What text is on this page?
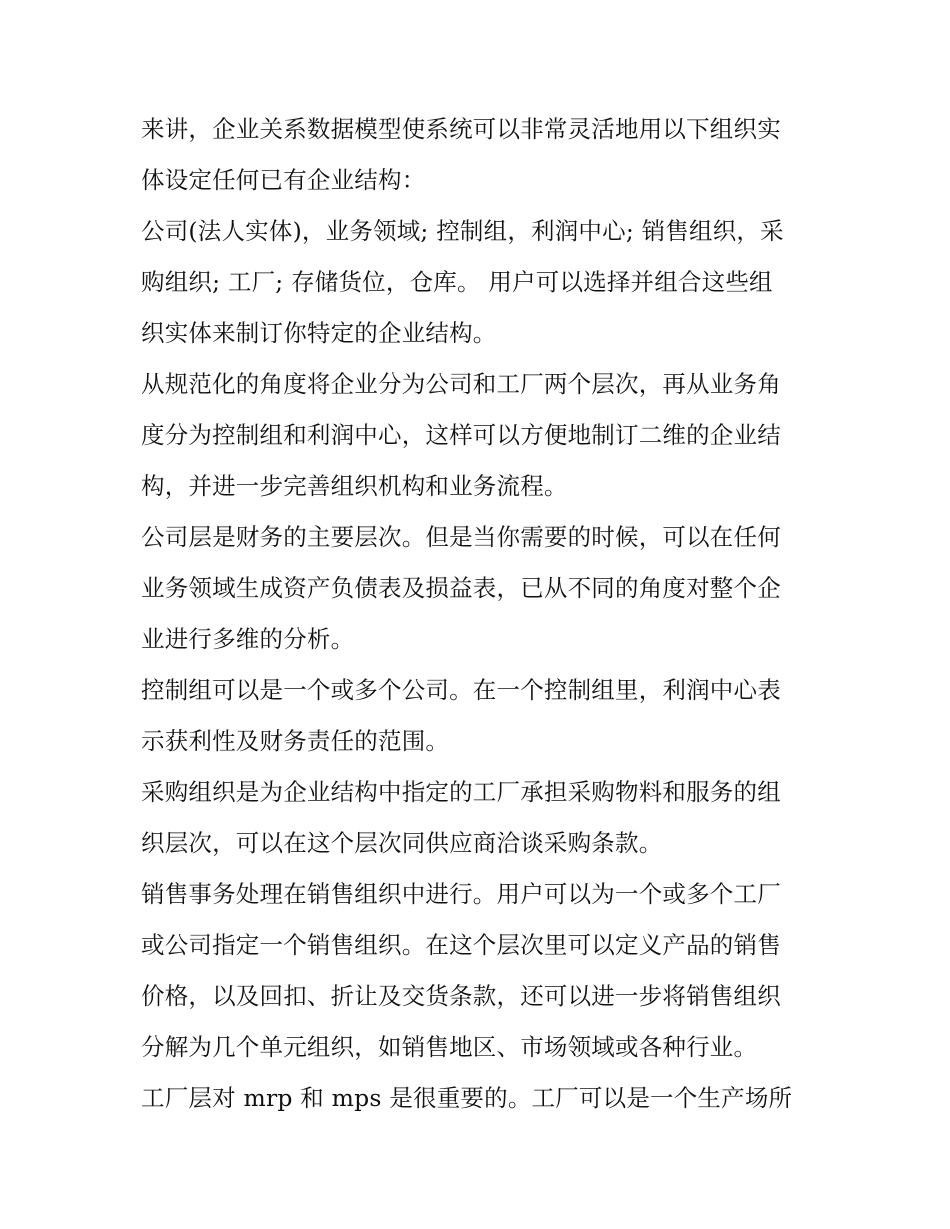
来讲，企业关系数据模型使系统可以非常灵活地用以下组织实
体设定任何已有企业结构：
公司(法人实体)，业务领域; 控制组，利润中心; 销售组织，采
购组织; 工厂; 存储货位，仓库。 用户可以选择并组合这些组
织实体来制订你特定的企业结构。
从规范化的角度将企业分为公司和工厂两个层次，再从业务角
度分为控制组和利润中心，这样可以方便地制订二维的企业结
构，并进一步完善组织机构和业务流程。
公司层是财务的主要层次。但是当你需要的时候，可以在任何
业务领域生成资产负债表及损益表，已从不同的角度对整个企
业进行多维的分析。
控制组可以是一个或多个公司。在一个控制组里，利润中心表
示获利性及财务责任的范围。
采购组织是为企业结构中指定的工厂承担采购物料和服务的组
织层次，可以在这个层次同供应商洽谈采购条款。
销售事务处理在销售组织中进行。用户可以为一个或多个工厂
或公司指定一个销售组织。在这个层次里可以定义产品的销售
价格，以及回扣、折让及交货条款，还可以进一步将销售组织
分解为几个单元组织，如销售地区、市场领域或各种行业。
工厂层对 mrp 和 mps 是很重要的。工厂可以是一个生产场所
